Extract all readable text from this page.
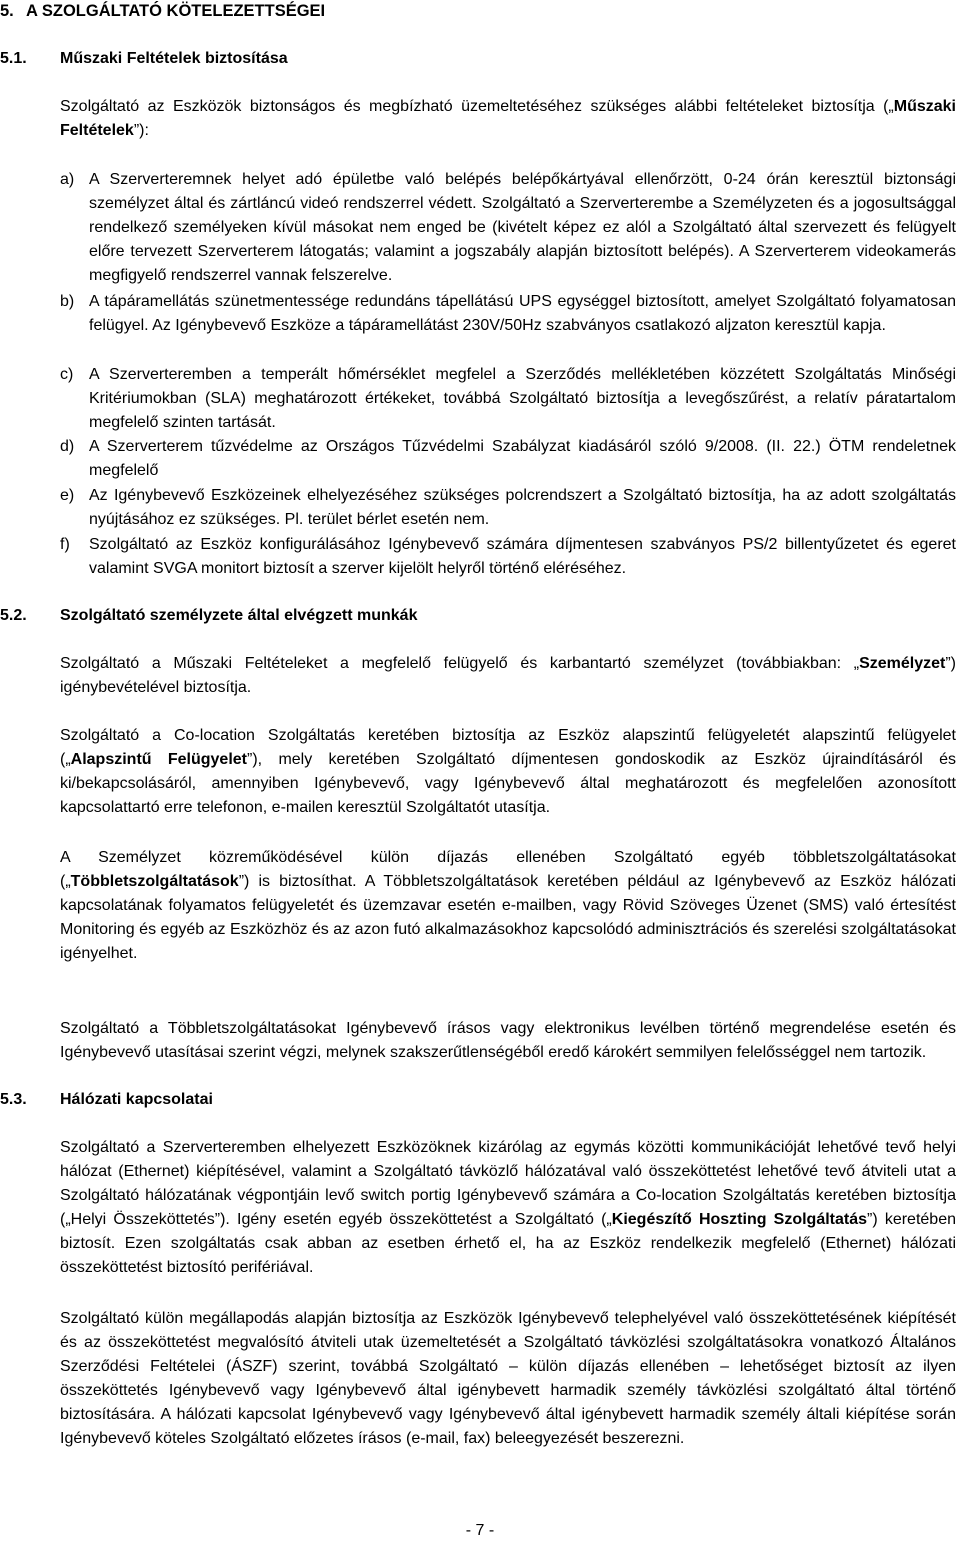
5. A SZOLGÁLTATÓ KÖTELEZETTSÉGEI
5.1. Műszaki Feltételek biztosítása
Szolgáltató az Eszközök biztonságos és megbízható üzemeltetéséhez szükséges alábbi feltételeket biztosítja („Műszaki Feltételek”):
a) A Szerverteremnek helyet adó épületbe való belépés belépőkártyával ellenőrzött, 0-24 órán keresztül biztonsági személyzet által és zártláncú videó rendszerrel védett. Szolgáltató a Szerverterembe a Személyzeten és a jogosultsággal rendelkező személyeken kívül másokat nem enged be (kivételt képez ez alól a Szolgáltató által szervezett és felügyelt előre tervezett Szerverterem látogatás; valamint a jogszabály alapján biztosított belépés). A Szerverterem videokamerás megfigyelő rendszerrel vannak felszerelve.
b) A tápáramellátás szünetmentessége redundáns tápellátású UPS egységgel biztosított, amelyet Szolgáltató folyamatosan felügyel. Az Igénybevevő Eszköze a tápáramellátást 230V/50Hz szabványos csatlakozó aljzaton keresztül kapja.
c) A Szerverteremben a temperált hőmérséklet megfelel a Szerződés mellékletében közzétett Szolgáltatás Minőségi Kritériumokban (SLA) meghatározott értékeket, továbbá Szolgáltató biztosítja a levegőszűrést, a relatív páratartalom megfelelő szinten tartását.
d) A Szerverterem tűzvédelme az Országos Tűzvédelmi Szabályzat kiadásáról szóló 9/2008. (II. 22.) ÖTM rendeletnek megfelelő
e) Az Igénybevevő Eszközeinek elhelyezéséhez szükséges polcrendszert a Szolgáltató biztosítja, ha az adott szolgáltatás nyújtásához ez szükséges. Pl. terület bérlet esetén nem.
f)	Szolgáltató az Eszköz konfigurálásához Igénybevevő számára díjmentesen szabványos PS/2 billentyűzetet és egeret valamint SVGA monitort biztosít a szerver kijelölt helyről történő eléréséhez.
5.2. Szolgáltató személyzete által elvégzett munkák
Szolgáltató a Műszaki Feltételeket a megfelelő felügyelő és karbantartó személyzet (továbbiakban: „Személyzet”) igénybevételével biztosítja.
Szolgáltató a Co-location Szolgáltatás keretében biztosítja az Eszköz alapszintű felügyeletét alapszintű felügyelet („Alapszintű Felügyelet”), mely keretében Szolgáltató díjmentesen gondoskodik az Eszköz újraindításáról és ki/bekapcsolásáról, amennyiben Igénybevevő, vagy Igénybevevő által meghatározott és megfelelően azonosított kapcsolattartó erre telefonon, e-mailen keresztül Szolgáltatót utasítja.
A Személyzet közreműködésével külön díjazás ellenében Szolgáltató egyéb többletszolgáltatásokat („Többletszolgáltatások”) is biztosíthat. A Többletszolgáltatások keretében például az Igénybevevő az Eszköz hálózati kapcsolatának folyamatos felügyeletét és üzemzavar esetén e-mailben, vagy Rövid Szöveges Üzenet (SMS) való értesítést Monitoring és egyéb az Eszközhöz és az azon futó alkalmazásokhoz kapcsolódó adminisztrációs és szerelési szolgáltatásokat igényelhet.
Szolgáltató a Többletszolgáltatásokat Igénybevevő írásos vagy elektronikus levélben történő megrendelése esetén és Igénybevevő utasításai szerint végzi, melynek szakszerűtlenségéből eredő károkért semmilyen felelősséggel nem tartozik.
5.3. Hálózati kapcsolatai
Szolgáltató a Szerverteremben elhelyezett Eszközöknek kizárólag az egymás közötti kommunikációját lehetővé tevő helyi hálózat (Ethernet) kiépítésével, valamint a Szolgáltató távközlő hálózatával való összeköttetést lehetővé tevő átviteli utat a Szolgáltató hálózatának végpontjáin levő switch portig Igénybevevő számára a Co-location Szolgáltatás keretében biztosítja („Helyi Összeköttetés”). Igény esetén egyéb összeköttetést a Szolgáltató („Kiegészítő Hoszting Szolgáltatás”) keretében biztosít. Ezen szolgáltatás csak abban az esetben érhető el, ha az Eszköz rendelkezik megfelelő (Ethernet) hálózati összeköttetést biztosító perifériával.
Szolgáltató külön megállapodás alapján biztosítja az Eszközök Igénybevevő telephelyével való összeköttetésének kiépítését és az összeköttetést megvalósító átviteli utak üzemeltetését a Szolgáltató távközlési szolgáltatásokra vonatkozó Általános Szerződési Feltételei (ÁSZF) szerint, továbbá Szolgáltató – külön díjazás ellenében – lehetőséget biztosít az ilyen összeköttetés Igénybevevő vagy Igénybevevő által igénybevett harmadik személy távközlési szolgáltató által történő biztosítására. A hálózati kapcsolat Igénybevevő vagy Igénybevevő által igénybevett harmadik személy általi kiépítése során Igénybevevő köteles Szolgáltató előzetes írásos (e-mail, fax) beleegyezését beszerezni.
- 7 -
